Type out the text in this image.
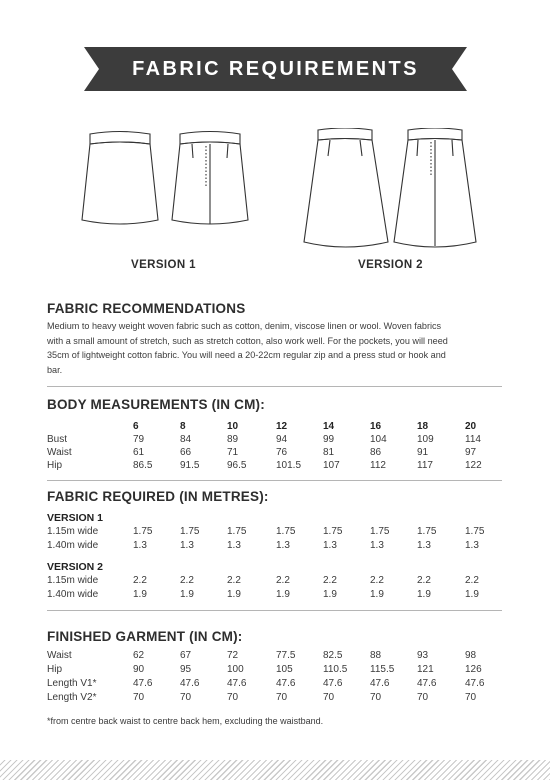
FABRIC REQUIREMENTS
VERSION 1	VERSION 2
FABRIC RECOMMENDATIONS
Medium to heavy weight woven fabric such as cotton, denim, viscose linen or wool. Woven fabrics
with a small amount of stretch, such as stretch cotton, also work well. For the pockets, you will need
35cm of lightweight cotton fabric. You will need a 20-22cm regular zip and a press stud or hook and
bar.
BODY MEASUREMENTS (IN CM):
6	8	10	12	14	16	18	20
Bust	79	84	89	94	99	104	109	114
Waist	61	66	71	76	81	86	91	97
Hip	86.5	91.5	96.5	101.5 107	112	117	122
FABRIC REQUIRED (IN METRES):
VERSION 1
1.15m wide	1.75	1.75	1.75	1.75	1.75	1.75	1.75	1.75
1.40m wide	1.3	1.3	1.3	1.3	1.3	1.3	1.3	1.3
VERSION 2
1.15m wide	2.2	2.2	2.2	2.2	2.2	2.2	2.2	2.2
1.40m wide	1.9	1.9	1.9	1.9	1.9	1.9	1.9	1.9
FINISHED GARMENT (IN CM):
Waist	62	67	72	77.5	82.5	88	93	98
Hip	90	95	100	105	110.5 115.5 121	126
Length V1*	47.6	47.6	47.6	47.6	47.6	47.6	47.6	47.6
Length V2*	70	70	70	70	70	70	70	70
*from centre back waist to centre back hem, excluding the waistband.
